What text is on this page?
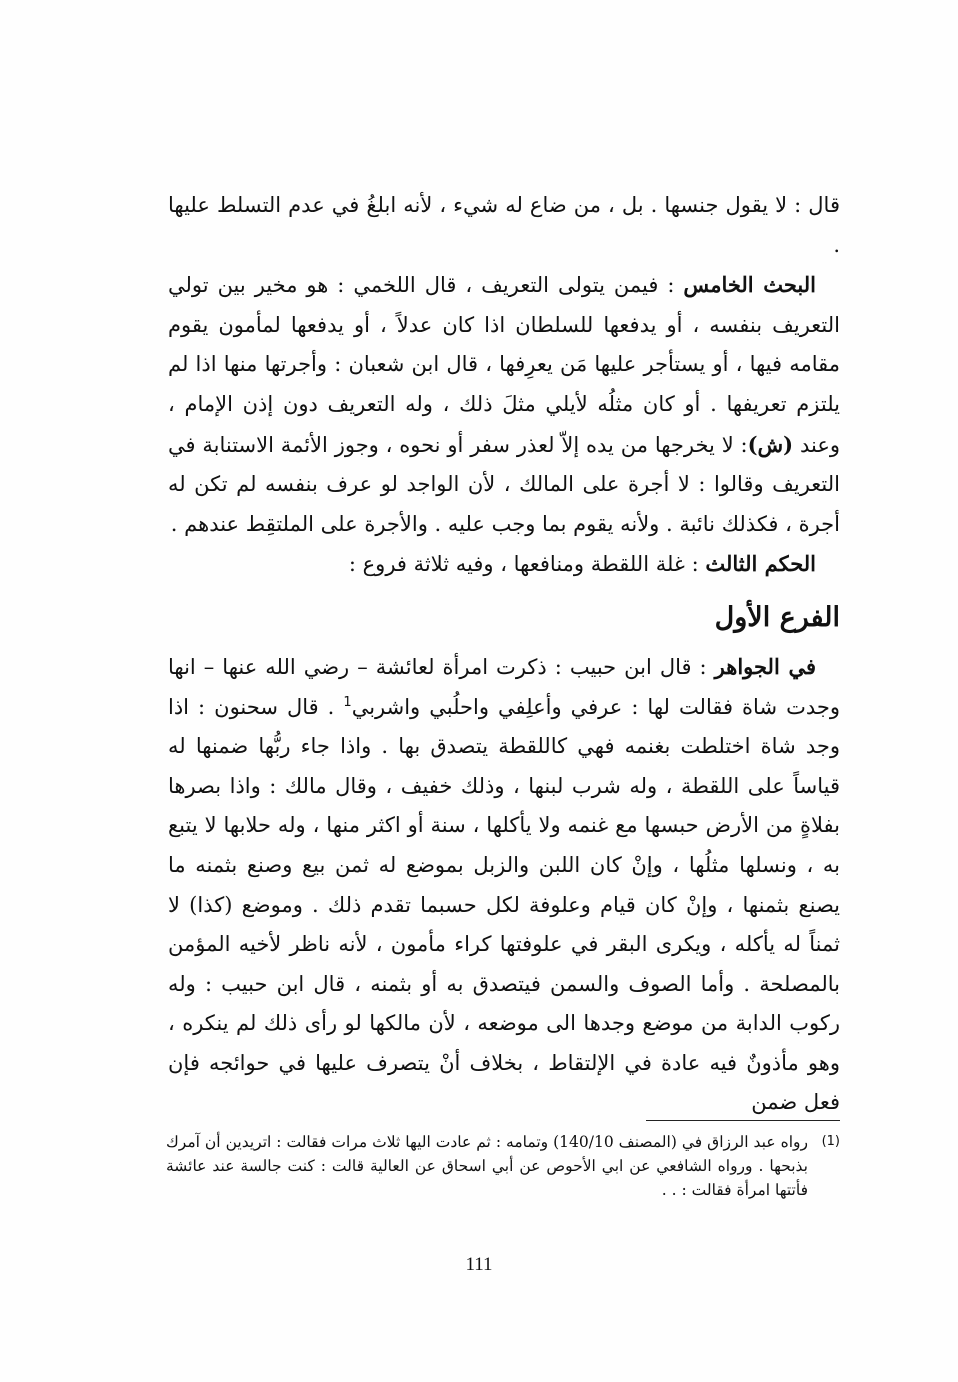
قال : لا يقول جنسها . بل ، من ضاع له شيء ، لأنه ابلغُ في عدم التسلط عليها .

البحث الخامس : فيمن يتولى التعريف ، قال اللخمي : هو مخير بين تولي التعريف بنفسه ، أو يدفعها للسلطان اذا كان عدلاً ، أو يدفعها لمأمون يقوم مقامه فيها ، أو يستأجر عليها مَن يعرِفها ، قال ابن شعبان : وأجرتها منها اذا لم يلتزم تعريفها . أو كان مثلُه لأيلي مثلَ ذلك ، وله التعريف دون إذن الإمام ، وعند (ش): لا يخرجها من يده إلاّ لعذر سفر أو نحوه ، وجوز الأئمة الاستنابة في التعريف وقالوا : لا أجرة على المالك ، لأن الواجد لو عرف بنفسه لم تكن له أجرة ، فكذلك نائبة . ولأنه يقوم بما وجب عليه . والأجرة على الملتقِط عندهم .

الحكم الثالث : غلة اللقطة ومنافعها ، وفيه ثلاثة فروع :

الفرع الأول

في الجواهر : قال ابن حبيب : ذكرت امرأة لعائشة – رضي الله عنها – انها وجدت شاة فقالت لها : عرفي وأعلِفي واحلُبي واشربي$^1$ . قال سحنون : اذا وجد شاة اختلطت بغنمه فهي كاللقطة يتصدق بها . واذا جاء ربُّها ضمنها له قياساً على اللقطة ، وله شرب لبنها ، وذلك خفيف ، وقال مالك : واذا بصرها بفلاةٍ من الأرض حبسها مع غنمه ولا يأكلها ، سنة أو اكثر منها ، وله حلابها لا يتبع به ، ونسلها مثلُها ، وإنْ كان اللبن والزبل بموضع له ثمن بيع وصنع بثمنه ما يصنع بثمنها ، وإنْ كان قيام وعلوفة لكل حسبما تقدم ذلك . وموضع (كذا) لا ثمناً له يأكله ، ويكرى البقر في علوفتها كراء مأمون ، لأنه ناظر لأخيه المؤمن بالمصلحة . وأما الصوف والسمن فيتصدق به أو بثمنه ، قال ابن حبيب : وله ركوب الدابة من موضع وجدها الى موضعه ، لأن مالكها لو رأى ذلك لم ينكره ، وهو مأذونٌ فيه عادة في الإلتقاط ، بخلاف أنْ يتصرف عليها في حوائجه فإن فعل ضمن

(1)
رواه عبد الرزاق في (المصنف 140/10) وتمامه : ثم عادت اليها ثلاث مرات فقالت : اتريدين أن آمرك بذبحها . ورواه الشافعي عن ابي الأحوص عن أبي اسحاق عن العالية قالت : كنت جالسة عند عائشة فأتتها امرأة فقالت : . .
111
